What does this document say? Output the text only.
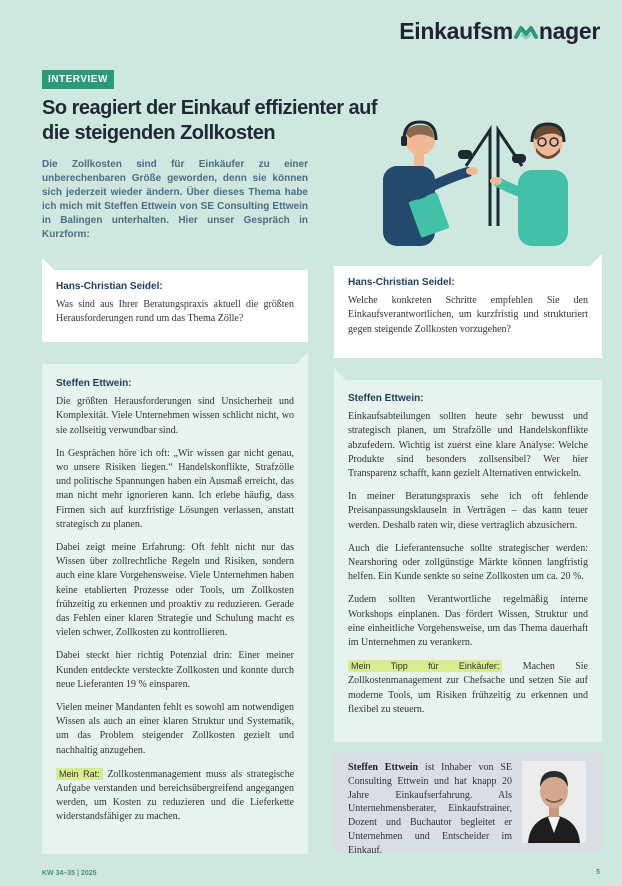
Einkaufsm nager
INTERVIEW
So reagiert der Einkauf effizienter auf die steigenden Zollkosten

Die Zollkosten sind für Einkäufer zu einer unberechenbaren Größe geworden, denn sie können sich jederzeit wieder ändern. Über dieses Thema habe ich mich mit Steffen Ettwein von SE Consulting Ettwein in Balingen unterhalten. Hier unser Gespräch in Kurzform:

Hans-Christian Seidel:

Was sind aus Ihrer Beratungspraxis aktuell die größten Herausforderungen rund um das Thema Zölle?

Hans-Christian Seidel:

Welche konkreten Schritte empfehlen Sie den Einkaufsverantwortlichen, um kurzfristig und strukturiert gegen steigende Zollkosten vorzugehen?

Steffen Ettwein:

Die größten Herausforderungen sind Unsicherheit und Komplexität. Viele Unternehmen wissen schlicht nicht, wo sie zollseitig verwundbar sind.

In Gesprächen höre ich oft: „Wir wissen gar nicht genau, wo unsere Risiken liegen.“ Handelskonflikte, Strafzölle und politische Spannungen haben ein Ausmaß erreicht, das man nicht mehr ignorieren kann. Ich erlebe häufig, dass Firmen sich auf kurzfristige Lösungen verlassen, anstatt strategisch zu planen.

Dabei zeigt meine Erfahrung: Oft fehlt nicht nur das Wissen über zollrechtliche Regeln und Risiken, sondern auch eine klare Vorgehensweise. Viele Unternehmen haben keine etablierten Prozesse oder Tools, um Zollkosten frühzeitig zu erkennen und proaktiv zu reduzieren. Gerade das Fehlen einer klaren Strategie und Schulung macht es vielen schwer, Zollkosten zu kontrollieren.

Dabei steckt hier richtig Potenzial drin: Einer meiner Kunden entdeckte versteckte Zollkosten und konnte durch neue Lieferanten 19 % einsparen.

Vielen meiner Mandanten fehlt es sowohl am notwendigen Wissen als auch an einer klaren Struktur und Systematik, um das Problem steigender Zollkosten gezielt und nachhaltig anzugehen.

Mein Rat: Zollkostenmanagement muss als strategische Aufgabe verstanden und bereichsübergreifend angegangen werden, um Kosten zu reduzieren und die Lieferkette widerstandsfähiger zu machen.

Steffen Ettwein:

Einkaufsabteilungen sollten heute sehr bewusst und strategisch planen, um Strafzölle und Handelskonflikte abzufedern. Wichtig ist zuerst eine klare Analyse: Welche Produkte sind besonders zollsensibel? Wer hier Transparenz schafft, kann gezielt Alternativen entwickeln.

In meiner Beratungspraxis sehe ich oft fehlende Preisanpassungsklauseln in Verträgen – das kann teuer werden. Deshalb raten wir, diese vertraglich abzusichern.

Auch die Lieferantensuche sollte strategischer werden: Nearshoring oder zollgünstige Märkte können langfristig helfen. Ein Kunde senkte so seine Zollkosten um ca. 20 %.

Zudem sollten Verantwortliche regelmäßig interne Workshops einplanen. Das fördert Wissen, Struktur und eine einheitliche Vorgehensweise, um das Thema dauerhaft im Unternehmen zu verankern.

Mein Tipp für Einkäufer: Machen Sie Zollkostenmanagement zur Chefsache und setzen Sie auf moderne Tools, um Risiken frühzeitig zu erkennen und flexibel zu steuern.

Steffen Ettwein ist Inhaber von SE Consulting Ettwein und hat knapp 20 Jahre Einkaufserfahrung. Als Unternehmensberater, Einkaufstrainer, Dozent und Buchautor begleitet er Unternehmen und Entscheider im Einkauf.

KW 34–35 | 2025	5
